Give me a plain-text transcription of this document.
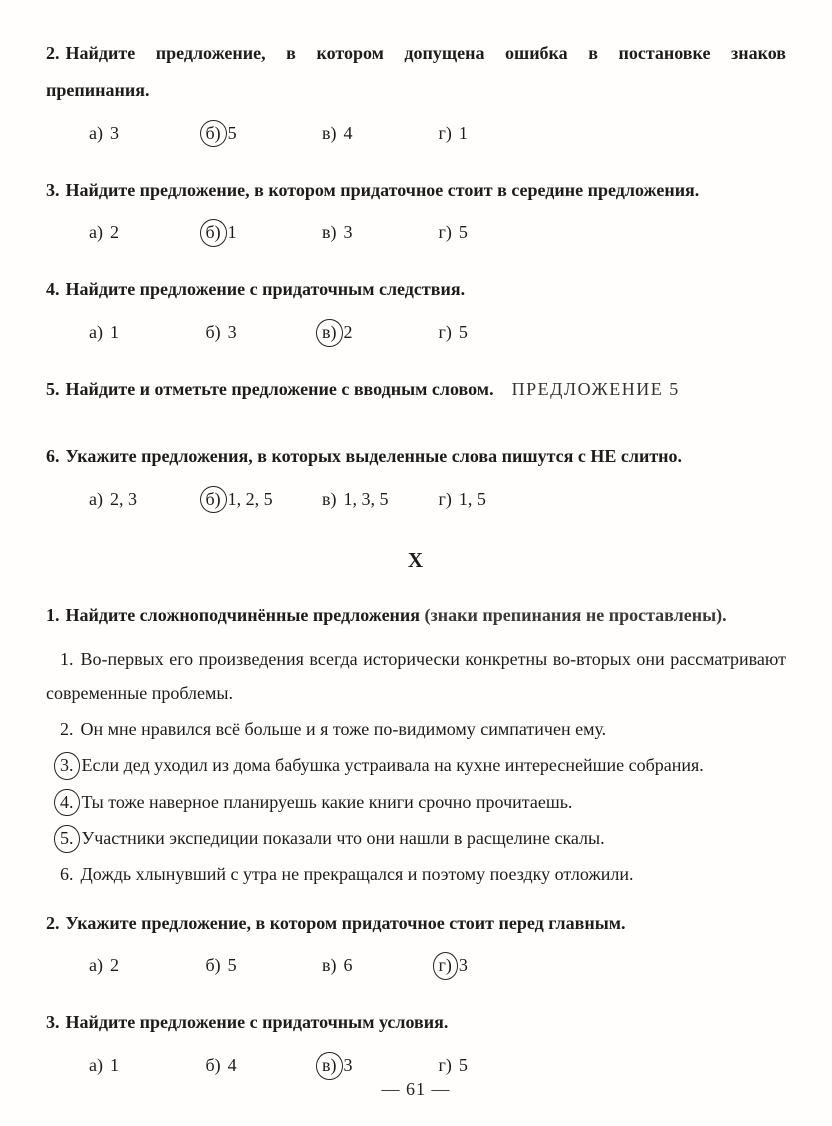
2. Найдите предложение, в котором допущена ошибка в постановке знаков препинания.

а) 3	б) 5	в) 4	г) 1

3. Найдите предложение, в котором придаточное стоит в середине предложения.

а) 2	б) 1	в) 3	г) 5

4. Найдите предложение с придаточным следствия.

а) 1	б) 3	в) 2	г) 5
5. Найдите и отметьте предложение с вводным словом. ПРЕДЛОЖЕНИЕ 5

6. Укажите предложения, в которых выделенные слова пишутся с НЕ слитно.

а) 2, 3	б) 1, 2, 5	в) 1, 3, 5	г) 1, 5
X

1. Найдите сложноподчинённые предложения (знаки препинания не проставлены).

1. Во-первых его произведения всегда исторически конкретны во-вторых они рассматривают современные проблемы.

2. Он мне нравился всё больше и я тоже по-видимому симпатичен ему.

3. Если дед уходил из дома бабушка устраивала на кухне интереснейшие собрания.

4. Ты тоже наверное планируешь какие книги срочно прочитаешь.

5. Участники экспедиции показали что они нашли в расщелине скалы.

6. Дождь хлынувший с утра не прекращался и поэтому поездку отложили.

2. Укажите предложение, в котором придаточное стоит перед главным.

а) 2	б) 5	в) 6	г) 3

3. Найдите предложение с придаточным условия.

а) 1	б) 4	в) 3	г) 5
— 61 —
